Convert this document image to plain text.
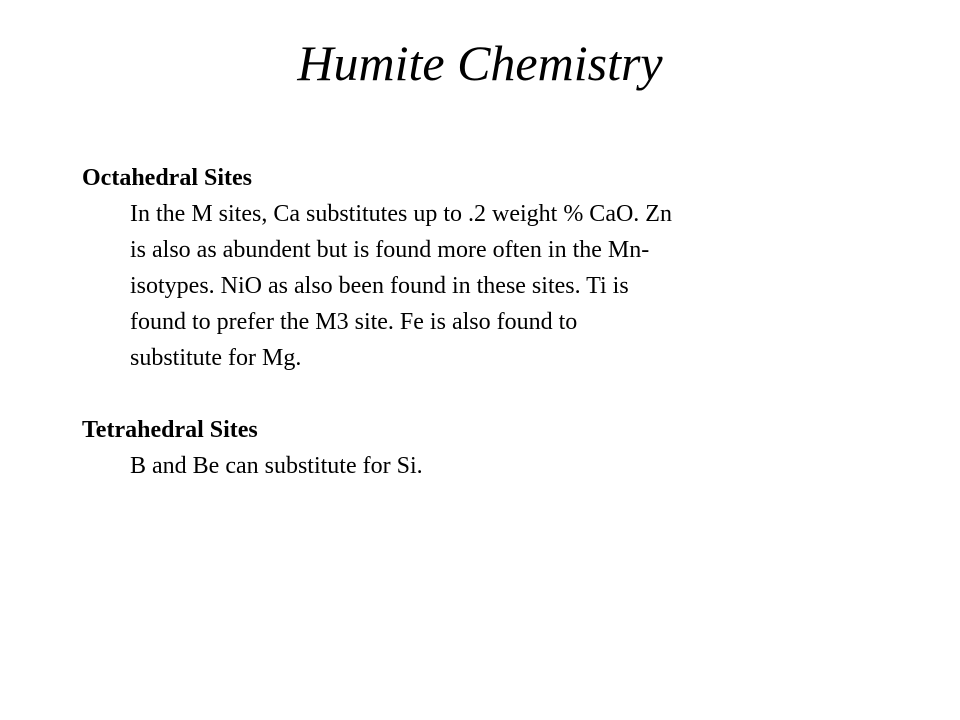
Humite Chemistry

Octahedral Sites

In the M sites, Ca substitutes up to .2 weight % CaO. Zn
is also as abundent but is found more often in the Mn-
isotypes. NiO as also been found in these sites. Ti is
found to prefer the M3 site. Fe is also found to
substitute for Mg.

Tetrahedral Sites

B and Be can substitute for Si.
